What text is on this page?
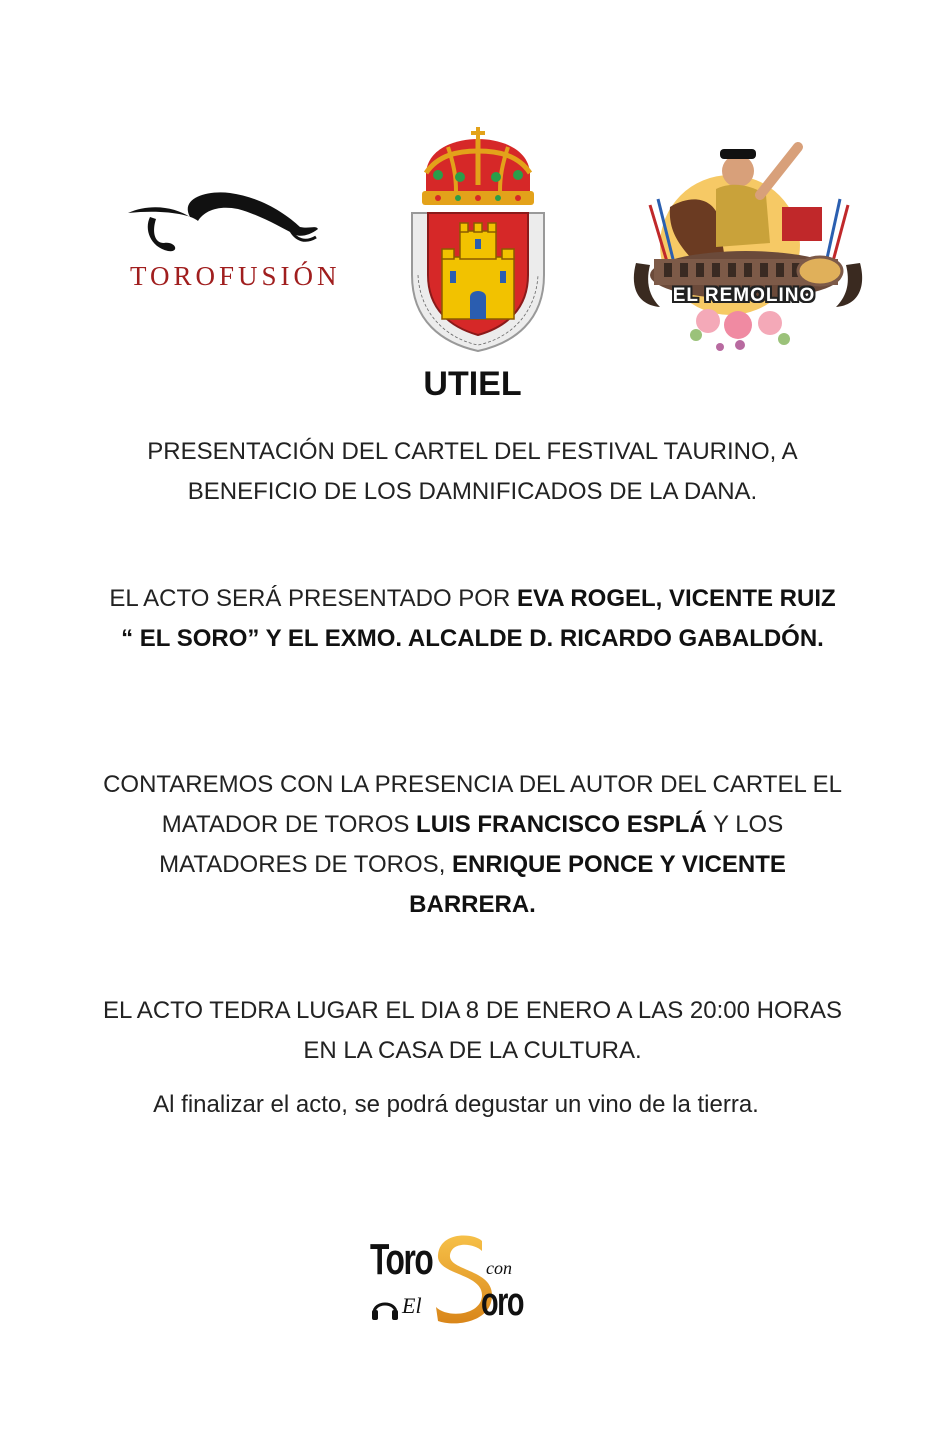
TOROFUSIÓN
EL REMOLINO
UTIEL
PRESENTACIÓN DEL CARTEL DEL FESTIVAL TAURINO, A BENEFICIO DE LOS DAMNIFICADOS DE LA DANA.
EL ACTO SERÁ PRESENTADO POR EVA ROGEL, VICENTE RUIZ “ EL SORO” Y EL EXMO. ALCALDE D. RICARDO GABALDÓN.
CONTAREMOS CON LA PRESENCIA DEL AUTOR DEL CARTEL EL MATADOR DE TOROS LUIS FRANCISCO ESPLÁ Y LOS MATADORES DE TOROS, ENRIQUE PONCE Y VICENTE BARRERA.
EL ACTO TEDRA LUGAR EL DIA 8 DE ENERO A LAS 20:00 HORAS EN LA CASA DE LA CULTURA.
Al finalizar el acto, se podrá degustar un vino de la tierra.
Toro	con
El oro
